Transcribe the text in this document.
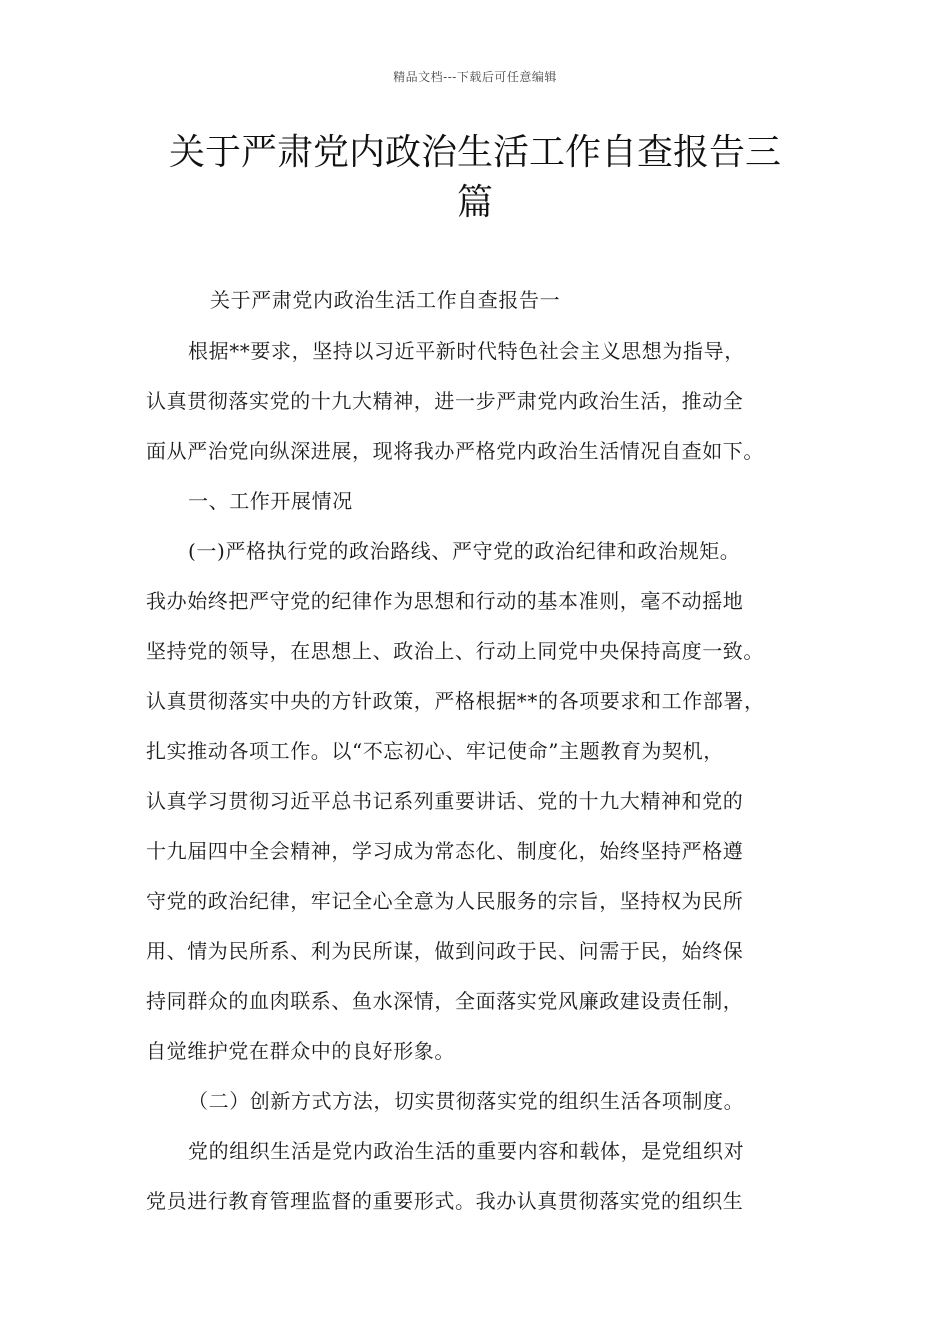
精品文档---下载后可任意编辑
关于严肃党内政治生活工作自查报告三
篇
关于严肃党内政治生活工作自查报告一
根据**要求，坚持以习近平新时代特色社会主义思想为指导，
认真贯彻落实党的十九大精神，进一步严肃党内政治生活，推动全
面从严治党向纵深进展，现将我办严格党内政治生活情况自查如下。
一、工作开展情况
(一)严格执行党的政治路线、严守党的政治纪律和政治规矩。
我办始终把严守党的纪律作为思想和行动的基本准则，毫不动摇地
坚持党的领导，在思想上、政治上、行动上同党中央保持高度一致。
认真贯彻落实中央的方针政策，严格根据**的各项要求和工作部署，
扎实推动各项工作。以“不忘初心、牢记使命”主题教育为契机，
认真学习贯彻习近平总书记系列重要讲话、党的十九大精神和党的
十九届四中全会精神，学习成为常态化、制度化，始终坚持严格遵
守党的政治纪律，牢记全心全意为人民服务的宗旨，坚持权为民所
用、情为民所系、利为民所谋，做到问政于民、问需于民，始终保
持同群众的血肉联系、鱼水深情，全面落实党风廉政建设责任制，
自觉维护党在群众中的良好形象。
（二）创新方式方法，切实贯彻落实党的组织生活各项制度。
党的组织生活是党内政治生活的重要内容和载体，是党组织对
党员进行教育管理监督的重要形式。我办认真贯彻落实党的组织生
